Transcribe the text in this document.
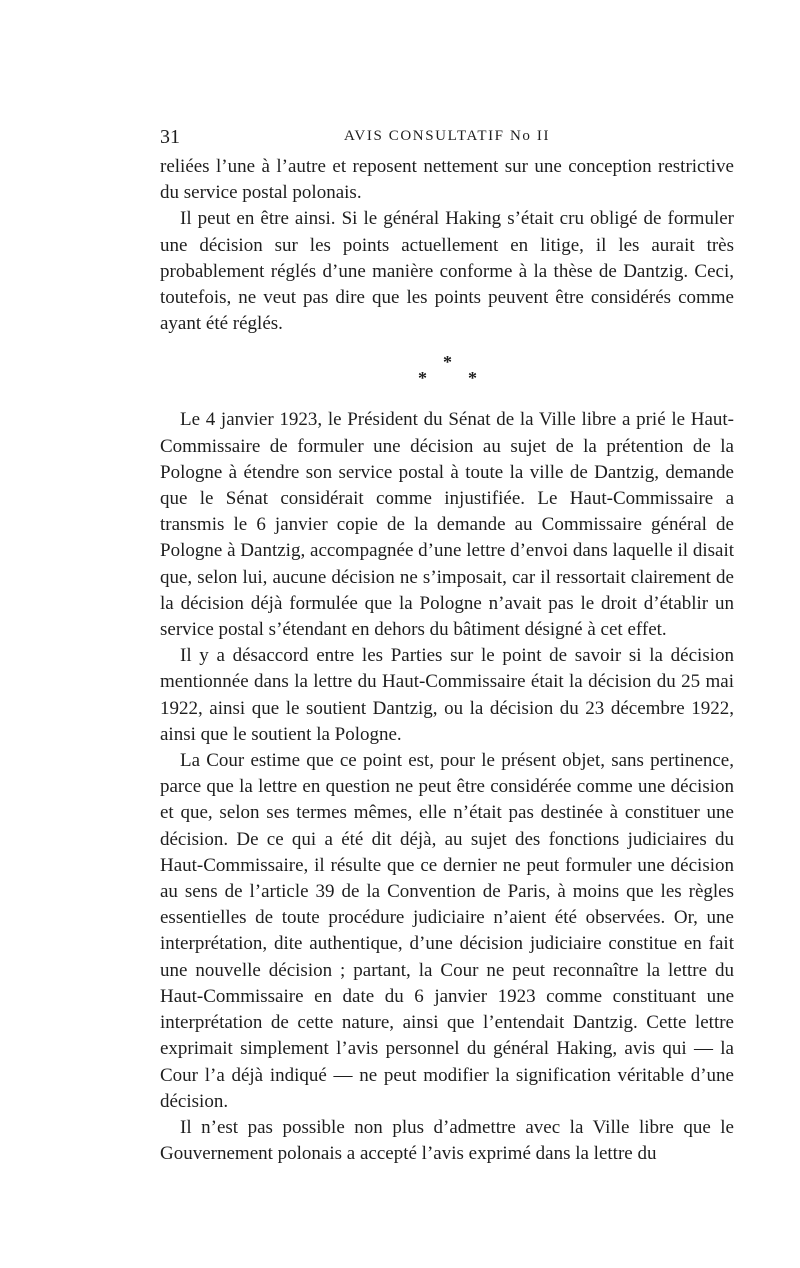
31	AVIS CONSULTATIF No II

reliées l’une à l’autre et reposent nettement sur une conception restrictive du service postal polonais.

Il peut en être ainsi. Si le général Haking s’était cru obligé de formuler une décision sur les points actuellement en litige, il les aurait très probablement réglés d’une manière conforme à la thèse de Dantzig. Ceci, toutefois, ne veut pas dire que les points peuvent être considérés comme ayant été réglés.

*
* *

Le 4 janvier 1923, le Président du Sénat de la Ville libre a prié le Haut-Commissaire de formuler une décision au sujet de la prétention de la Pologne à étendre son service postal à toute la ville de Dantzig, demande que le Sénat considérait comme injustifiée. Le Haut-Commissaire a transmis le 6 janvier copie de la demande au Commissaire général de Pologne à Dantzig, accompagnée d’une lettre d’envoi dans laquelle il disait que, selon lui, aucune décision ne s’imposait, car il ressortait clairement de la décision déjà formulée que la Pologne n’avait pas le droit d’établir un service postal s’étendant en dehors du bâtiment désigné à cet effet.

Il y a désaccord entre les Parties sur le point de savoir si la décision mentionnée dans la lettre du Haut-Commissaire était la décision du 25 mai 1922, ainsi que le soutient Dantzig, ou la décision du 23 décembre 1922, ainsi que le soutient la Pologne.

La Cour estime que ce point est, pour le présent objet, sans pertinence, parce que la lettre en question ne peut être considérée comme une décision et que, selon ses termes mêmes, elle n’était pas destinée à constituer une décision. De ce qui a été dit déjà, au sujet des fonctions judiciaires du Haut-Commissaire, il résulte que ce dernier ne peut formuler une décision au sens de l’article 39 de la Convention de Paris, à moins que les règles essentielles de toute procédure judiciaire n’aient été observées. Or, une interprétation, dite authentique, d’une décision judiciaire constitue en fait une nouvelle décision ; partant, la Cour ne peut reconnaître la lettre du Haut-Commissaire en date du 6 janvier 1923 comme constituant une interprétation de cette nature, ainsi que l’entendait Dantzig. Cette lettre exprimait simplement l’avis personnel du général Haking, avis qui — la Cour l’a déjà indiqué — ne peut modifier la signification véritable d’une décision.

Il n’est pas possible non plus d’admettre avec la Ville libre que le Gouvernement polonais a accepté l’avis exprimé dans la lettre du
